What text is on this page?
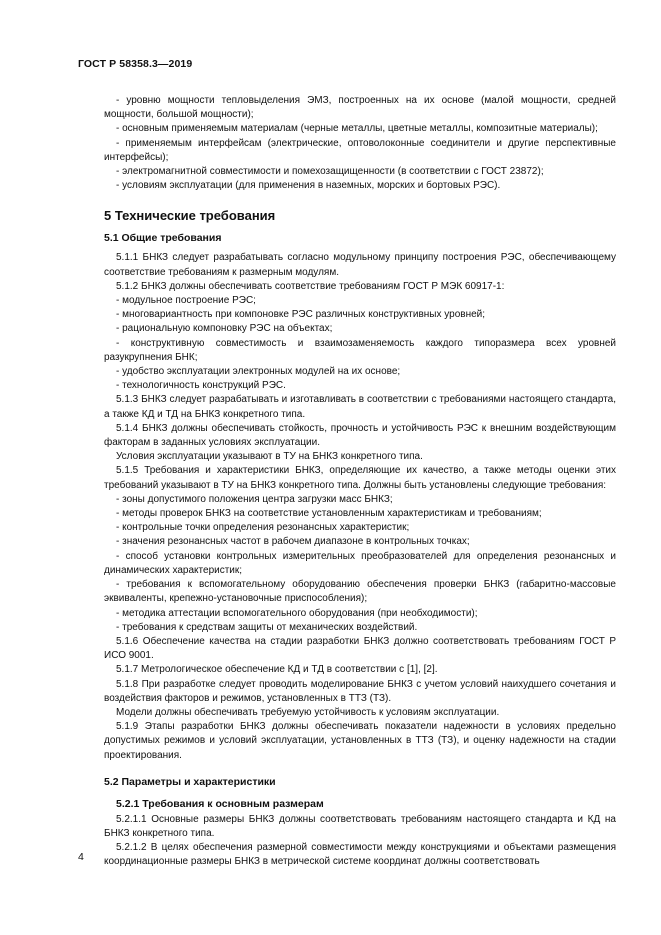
ГОСТ Р 58358.3—2019

- уровню мощности тепловыделения ЭМЗ, построенных на их основе (малой мощности, средней мощности, большой мощности);

- основным применяемым материалам (черные металлы, цветные металлы, композитные материалы);

- применяемым интерфейсам (электрические, оптоволоконные соединители и другие перспективные интерфейсы);

- электромагнитной совместимости и помехозащищенности (в соответствии с ГОСТ 23872);

- условиям эксплуатации (для применения в наземных, морских и бортовых РЭС).

5 Технические требования
5.1 Общие требования

5.1.1 БНКЗ следует разрабатывать согласно модульному принципу построения РЭС, обеспечивающему соответствие требованиям к размерным модулям.

5.1.2 БНКЗ должны обеспечивать соответствие требованиям ГОСТ Р МЭК 60917-1:

- модульное построение РЭС;

- многовариантность при компоновке РЭС различных конструктивных уровней;

- рациональную компоновку РЭС на объектах;

- конструктивную совместимость и взаимозаменяемость каждого типоразмера всех уровней разукрупнения БНК;

- удобство эксплуатации электронных модулей на их основе;

- технологичность конструкций РЭС.

5.1.3 БНКЗ следует разрабатывать и изготавливать в соответствии с требованиями настоящего стандарта, а также КД и ТД на БНКЗ конкретного типа.

5.1.4 БНКЗ должны обеспечивать стойкость, прочность и устойчивость РЭС к внешним воздействующим факторам в заданных условиях эксплуатации.

Условия эксплуатации указывают в ТУ на БНКЗ конкретного типа.

5.1.5 Требования и характеристики БНКЗ, определяющие их качество, а также методы оценки этих требований указывают в ТУ на БНКЗ конкретного типа. Должны быть установлены следующие требования:

- зоны допустимого положения центра загрузки масс БНКЗ;

- методы проверок БНКЗ на соответствие установленным характеристикам и требованиям;

- контрольные точки определения резонансных характеристик;

- значения резонансных частот в рабочем диапазоне в контрольных точках;

- способ установки контрольных измерительных преобразователей для определения резонансных и динамических характеристик;

- требования к вспомогательному оборудованию обеспечения проверки БНКЗ (габаритно-массовые эквиваленты, крепежно-установочные приспособления);

- методика аттестации вспомогательного оборудования (при необходимости);

- требования к средствам защиты от механических воздействий.

5.1.6 Обеспечение качества на стадии разработки БНКЗ должно соответствовать требованиям ГОСТ Р ИСО 9001.

5.1.7 Метрологическое обеспечение КД и ТД в соответствии с [1], [2].

5.1.8 При разработке следует проводить моделирование БНКЗ с учетом условий наихудшего сочетания и воздействия факторов и режимов, установленных в ТТЗ (ТЗ).

Модели должны обеспечивать требуемую устойчивость к условиям эксплуатации.

5.1.9 Этапы разработки БНКЗ должны обеспечивать показатели надежности в условиях предельно допустимых режимов и условий эксплуатации, установленных в ТТЗ (ТЗ), и оценку надежности на стадии проектирования.

5.2 Параметры и характеристики
5.2.1 Требования к основным размерам

5.2.1.1 Основные размеры БНКЗ должны соответствовать требованиям настоящего стандарта и КД на БНКЗ конкретного типа.

5.2.1.2 В целях обеспечения размерной совместимости между конструкциями и объектами размещения координационные размеры БНКЗ в метрической системе координат должны соответствовать

4
